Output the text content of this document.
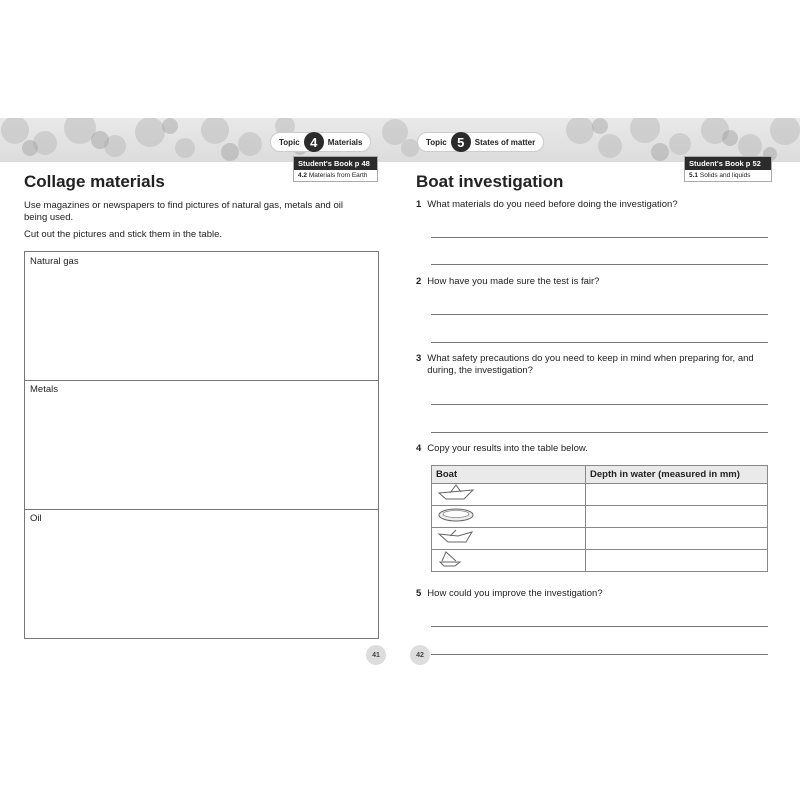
Topic 4	Materials
Student's Book p 48
4.2 Materials from Earth
Collage materials
Use magazines or newspapers to find pictures of natural gas, metals and oil being used.
Cut out the pictures and stick them in the table.
Natural gas
Metals
Oil
41
Topic 5	States of matter
Student's Book p 52
5.1 Solids and liquids
Boat investigation
1 What materials do you need before doing the investigation?
2 How have you made sure the test is fair?
3 What safety precautions do you need to keep in mind when preparing for, and during, the investigation?
4 Copy your results into the table below.
Boat	Depth in water (measured in mm)

5 How could you improve the investigation?
42
